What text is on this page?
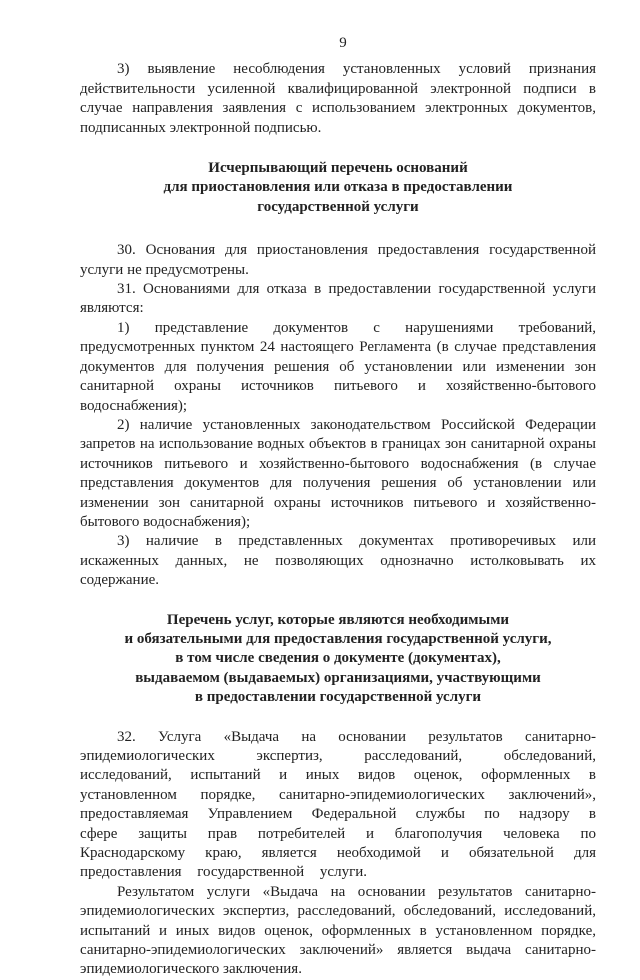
9

3) выявление несоблюдения установленных условий признания действительности усиленной квалифицированной электронной подписи в случае направления заявления с использованием электронных документов, подписанных электронной подписью.

Исчерпывающий перечень оснований
для приостановления или отказа в предоставлении
государственной услуги

30. Основания для приостановления предоставления государственной услуги не предусмотрены.

31. Основаниями для отказа в предоставлении государственной услуги являются:

1) представление документов с нарушениями требований, предусмотренных пунктом 24 настоящего Регламента (в случае представления документов для получения решения об установлении или изменении зон санитарной охраны источников питьевого и хозяйственно-бытового водоснабжения);

2) наличие установленных законодательством Российской Федерации запретов на использование водных объектов в границах зон санитарной охраны источников питьевого и хозяйственно-бытового водоснабжения (в случае представления документов для получения решения об установлении или изменении зон санитарной охраны источников питьевого и хозяйственно-бытового водоснабжения);

3) наличие в представленных документах противоречивых или искаженных данных, не позволяющих однозначно истолковывать их содержание.

Перечень услуг, которые являются необходимыми
и обязательными для предоставления государственной услуги,
в том числе сведения о документе (документах),
выдаваемом (выдаваемых) организациями, участвующими
в предоставлении государственной услуги

32. Услуга «Выдача на основании результатов санитарно-эпидемиологических экспертиз, расследований, обследований, исследований, испытаний и иных видов оценок, оформленных в установленном порядке, санитарно-эпидемиологических заключений», предоставляемая Управлением Федеральной службы по надзору в сфере защиты прав потребителей и благополучия человека по Краснодарскому краю, является необходимой и обязательной для предоставления государственной услуги.

Результатом услуги «Выдача на основании результатов санитарно-эпидемиологических экспертиз, расследований, обследований, исследований, испытаний и иных видов оценок, оформленных в установленном порядке, санитарно-эпидемиологических заключений» является выдача санитарно-эпидемиологического заключения.
